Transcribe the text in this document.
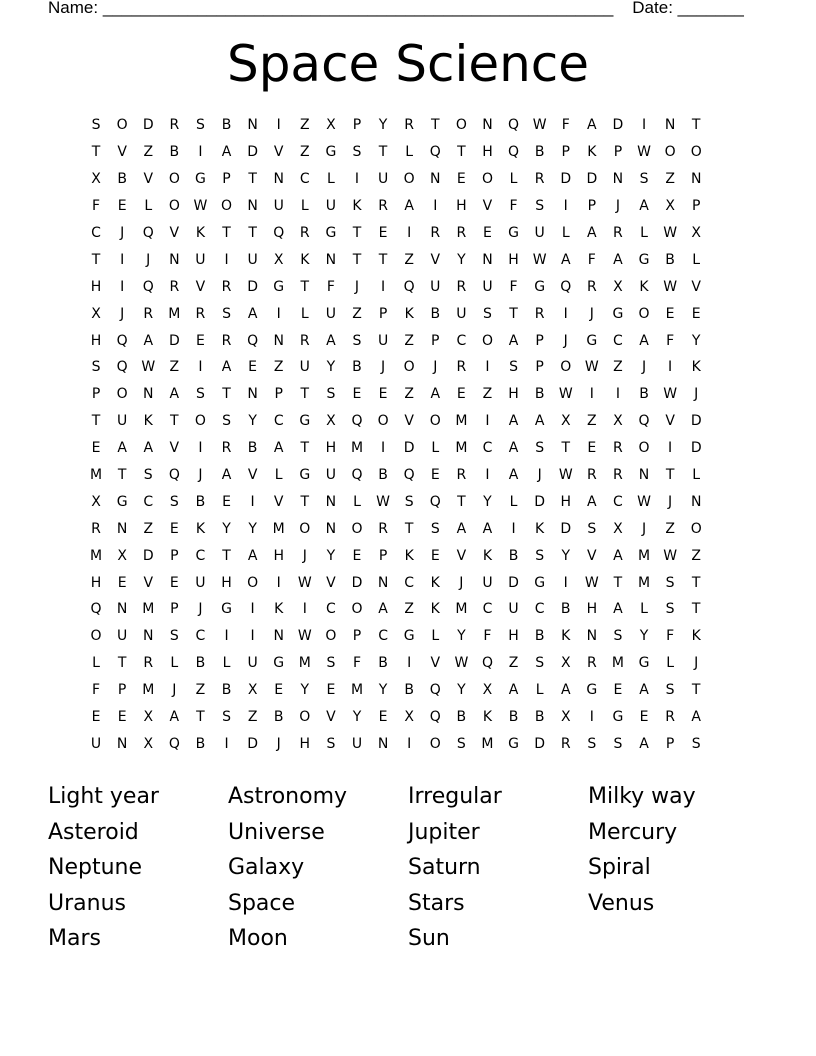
Name: ______________________________________________________ Date: _______
Space Science
S	O	D	R	S	B	N	I	Z	X	P	Y	R	T	O	N	Q	W	F	A	D	I	N	T
T	V	Z	B	I	A	D	V	Z	G	S	T	L	Q	T	H	Q	B	P	K	P	W	O	O
X	B	V	O	G	P	T	N	C	L	I	U	O	N	E	O	L	R	D	D	N	S	Z	N
F	E	L	O	W	O	N	U	L	U	K	R	A	I	H	V	F	S	I	P	J	A	X	P
C	J	Q	V	K	T	T	Q	R	G	T	E	I	R	R	E	G	U	L	A	R	L	W	X
T	I	J	N	U	I	U	X	K	N	T	T	Z	V	Y	N	H	W	A	F	A	G	B	L
H	I	Q	R	V	R	D	G	T	F	J	I	Q	U	R	U	F	G	Q	R	X	K	W	V
X	J	R	M	R	S	A	I	L	U	Z	P	K	B	U	S	T	R	I	J	G	O	E	E
H	Q	A	D	E	R	Q	N	R	A	S	U	Z	P	C	O	A	P	J	G	C	A	F	Y
S	Q	W	Z	I	A	E	Z	U	Y	B	J	O	J	R	I	S	P	O	W	Z	J	I	K
P	O	N	A	S	T	N	P	T	S	E	E	Z	A	E	Z	H	B	W	I	I	B	W	J
T	U	K	T	O	S	Y	C	G	X	Q	O	V	O	M	I	A	A	X	Z	X	Q	V	D
E	A	A	V	I	R	B	A	T	H	M	I	D	L	M	C	A	S	T	E	R	O	I	D
M	T	S	Q	J	A	V	L	G	U	Q	B	Q	E	R	I	A	J	W	R	R	N	T	L
X	G	C	S	B	E	I	V	T	N	L	W	S	Q	T	Y	L	D	H	A	C	W	J	N
R	N	Z	E	K	Y	Y	M	O	N	O	R	T	S	A	A	I	K	D	S	X	J	Z	O
M	X	D	P	C	T	A	H	J	Y	E	P	K	E	V	K	B	S	Y	V	A	M	W	Z
H	E	V	E	U	H	O	I	W	V	D	N	C	K	J	U	D	G	I	W	T	M	S	T
Q	N	M	P	J	G	I	K	I	C	O	A	Z	K	M	C	U	C	B	H	A	L	S	T
O	U	N	S	C	I	I	N	W	O	P	C	G	L	Y	F	H	B	K	N	S	Y	F	K
L	T	R	L	B	L	U	G	M	S	F	B	I	V	W	Q	Z	S	X	R	M	G	L	J
F	P	M	J	Z	B	X	E	Y	E	M	Y	B	Q	Y	X	A	L	A	G	E	A	S	T
E	E	X	A	T	S	Z	B	O	V	Y	E	X	Q	B	K	B	B	X	I	G	E	R	A
U	N	X	Q	B	I	D	J	H	S	U	N	I	O	S	M	G	D	R	S	S	A	P	S
Light year	Astronomy	Irregular	Milky way
Asteroid	Universe	Jupiter	Mercury
Neptune	Galaxy	Saturn	Spiral
Uranus	Space	Stars	Venus
Mars	Moon	Sun
